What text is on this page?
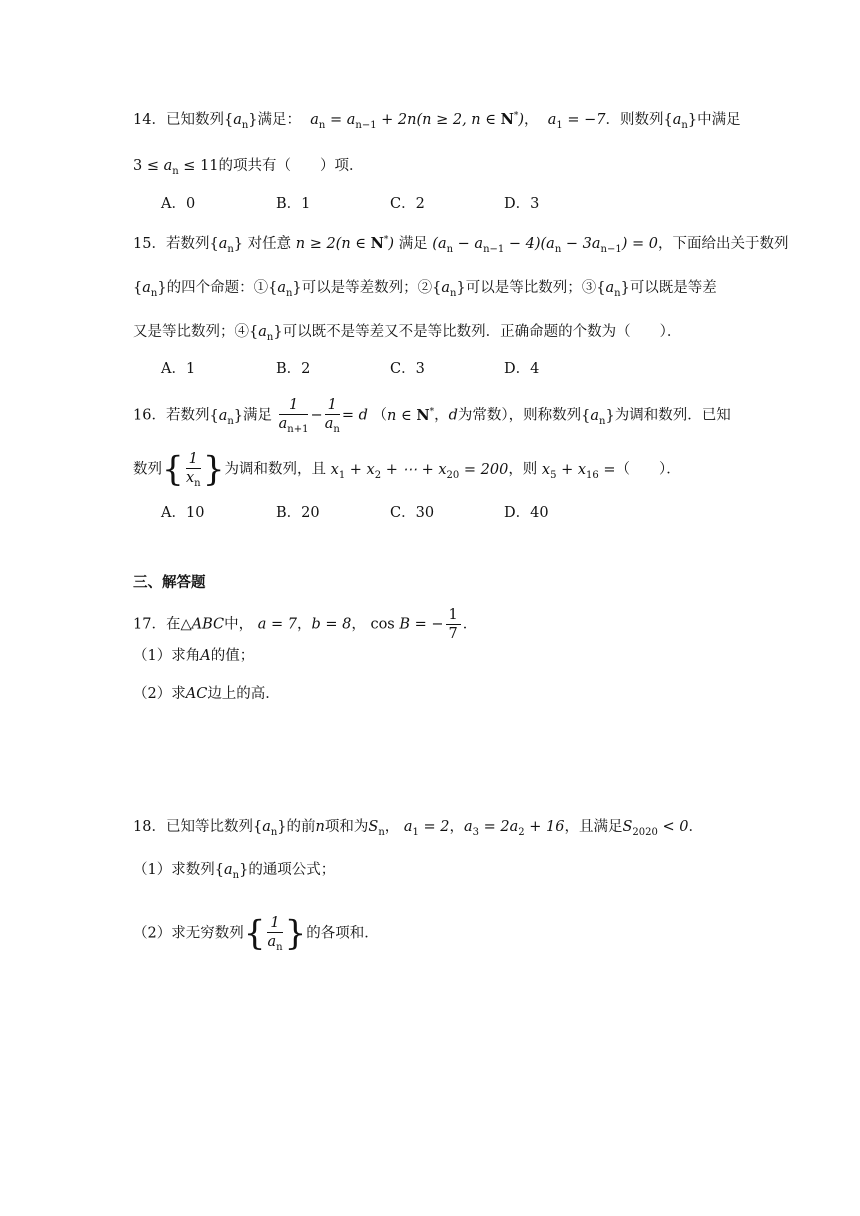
14．已知数列$\{a_n\}$满足：  $a_n = a_{n-1} + 2n(n \ge 2$, n ∈ N*)，  $a_1 = -7$．则数列$\{a_n\}$中满足
$3 \le a_n \le 11$的项共有（　　）项．
A．0	B．1	C．2	D．3
15．若数列$\{a_n\}$ 对任意 n ≥ 2(n ∈ N*) 满足 $(a_n - a_{n-1} - 4)(a_n - 3a_{n-1}) = 0$，下面给出关于数列
$\{a_n\}$的四个命题：$①\{a_n\}$可以是等差数列；$②\{a_n\}$可以是等比数列；$③\{a_n\}$可以既是等差
又是等比数列；$④\{a_n\}$可以既不是等差又不是等比数列．正确命题的个数为（　　）．
A．1	B．2	C．3	D．4
16．若数列$\{a_n\}$满足 $\frac{1}{a_{n+1}} - \frac{1}{a_n} = d$ （n ∈ N*，d为常数），则称数列$\{a_n\}$为调和数列．已知
数列{ $\frac{1}{x_n}$ }为调和数列，且 $x_1 + x_2$ + ⋯ + $x_{20} = 200$，则 $x_5 + x_{16}$ =（　　）．
A．10	B．20	C．30	D．40
三、解答题
17．在△ABC中， a = 7，b = 8， cos B = − $\frac{1}{7}$ ．
（1）求角A的值；
（2）求AC边上的高．
18．已知等比数列$\{a_n\}$的前n项和为$S_n$， $a_1 = 2$，$a_3 = 2a_2 + 16$，且满足$S_{2020} < 0$．
（1）求数列$\{a_n\}$的通项公式；
（2）求无穷数列{ $\frac{1}{a_n}$ }的各项和．
